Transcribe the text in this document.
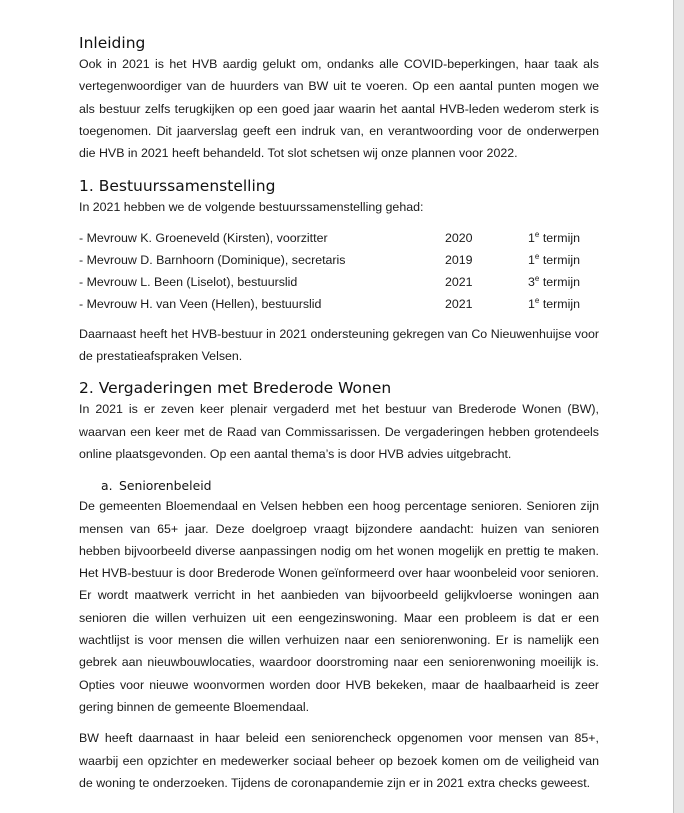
Inleiding

Ook in 2021 is het HVB aardig gelukt om, ondanks alle COVID-beperkingen, haar taak als vertegenwoordiger van de huurders van BW uit te voeren. Op een aantal punten mogen we als bestuur zelfs terugkijken op een goed jaar waarin het aantal HVB-leden wederom sterk is toegenomen. Dit jaarverslag geeft een indruk van, en verantwoording voor de onderwerpen die HVB in 2021 heeft behandeld. Tot slot schetsen wij onze plannen voor 2022.

1. Bestuurssamenstelling

In 2021 hebben we de volgende bestuurssamenstelling gehad:

- Mevrouw K. Groeneveld (Kirsten), voorzitter	2020	1e termijn
- Mevrouw D. Barnhoorn (Dominique), secretaris	2019	1e termijn
- Mevrouw L. Been (Liselot), bestuurslid	2021	3e termijn
- Mevrouw H. van Veen (Hellen), bestuurslid	2021	1e termijn

Daarnaast heeft het HVB-bestuur in 2021 ondersteuning gekregen van Co Nieuwenhuijse voor de prestatieafspraken Velsen.

2. Vergaderingen met Brederode Wonen

In 2021 is er zeven keer plenair vergaderd met het bestuur van Brederode Wonen (BW), waarvan een keer met de Raad van Commissarissen. De vergaderingen hebben grotendeels online plaatsgevonden. Op een aantal thema’s is door HVB advies uitgebracht.

a. Seniorenbeleid

De gemeenten Bloemendaal en Velsen hebben een hoog percentage senioren. Senioren zijn mensen van 65+ jaar. Deze doelgroep vraagt bijzondere aandacht: huizen van senioren hebben bijvoorbeeld diverse aanpassingen nodig om het wonen mogelijk en prettig te maken. Het HVB-bestuur is door Brederode Wonen geïnformeerd over haar woonbeleid voor senioren. Er wordt maatwerk verricht in het aanbieden van bijvoorbeeld gelijkvloerse woningen aan senioren die willen verhuizen uit een eengezinswoning. Maar een probleem is dat er een wachtlijst is voor mensen die willen verhuizen naar een seniorenwoning. Er is namelijk een gebrek aan nieuwbouwlocaties, waardoor doorstroming naar een seniorenwoning moeilijk is. Opties voor nieuwe woonvormen worden door HVB bekeken, maar de haalbaarheid is zeer gering binnen de gemeente Bloemendaal.

BW heeft daarnaast in haar beleid een seniorencheck opgenomen voor mensen van 85+, waarbij een opzichter en medewerker sociaal beheer op bezoek komen om de veiligheid van de woning te onderzoeken. Tijdens de coronapandemie zijn er in 2021 extra checks geweest.
